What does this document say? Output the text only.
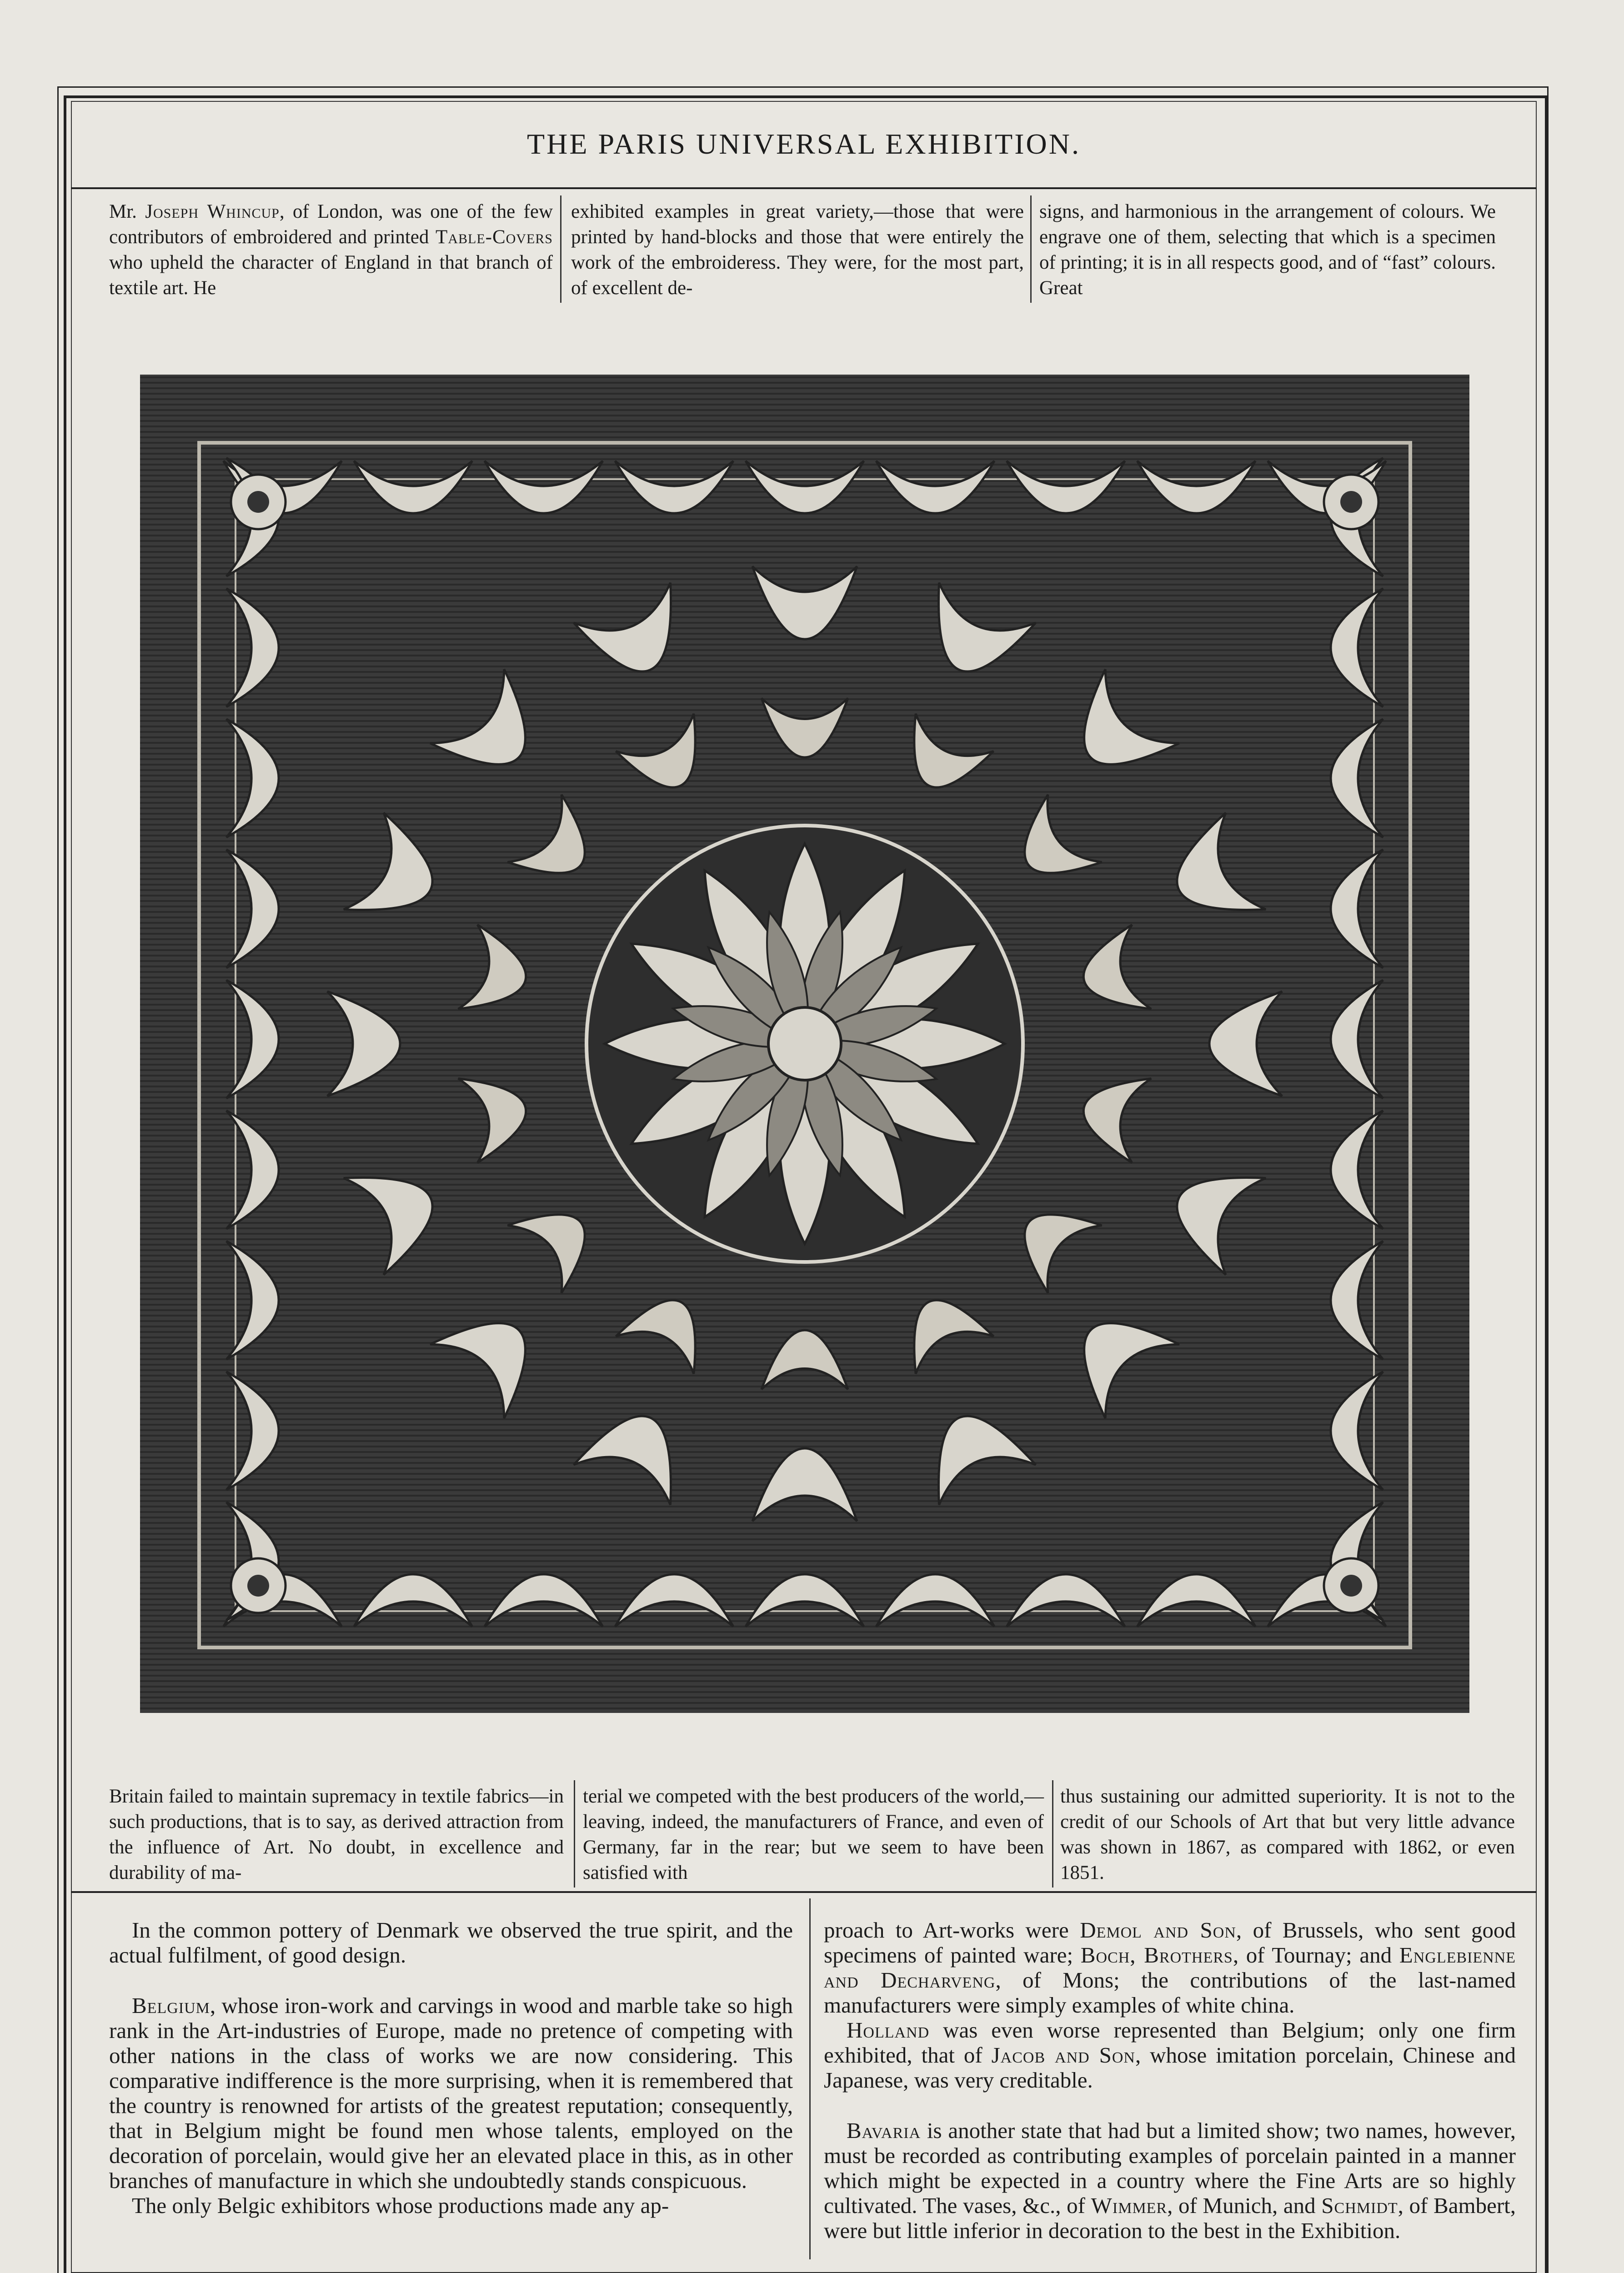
THE PARIS UNIVERSAL EXHIBITION.

Mr. Joseph Whincup, of London, was one of the few contributors of embroidered and printed Table-Covers who upheld the character of England in that branch of textile art. He

exhibited examples in great variety,—those that were printed by hand-blocks and those that were entirely the work of the embroideress. They were, for the most part, of excellent de-

signs, and harmonious in the arrangement of colours. We engrave one of them, selecting that which is a specimen of printing; it is in all respects good, and of “fast” colours. Great

Britain failed to maintain supremacy in textile fabrics—in such productions, that is to say, as derived attraction from the influence of Art. No doubt, in excellence and durability of ma-

terial we competed with the best producers of the world,—leaving, indeed, the manufacturers of France, and even of Germany, far in the rear; but we seem to have been satisfied with

thus sustaining our admitted superiority. It is not to the credit of our Schools of Art that but very little advance was shown in 1867, as compared with 1862, or even 1851.

In the common pottery of Denmark we observed the true spirit, and the actual fulfilment, of good design.

Belgium, whose iron-work and carvings in wood and marble take so high rank in the Art-industries of Europe, made no pretence of competing with other nations in the class of works we are now considering. This comparative indifference is the more surprising, when it is remembered that the country is renowned for artists of the greatest reputation; consequently, that in Belgium might be found men whose talents, employed on the decoration of porcelain, would give her an elevated place in this, as in other branches of manufacture in which she undoubtedly stands conspicuous.

The only Belgic exhibitors whose productions made any ap-

proach to Art-works were Demol and Son, of Brussels, who sent good specimens of painted ware; Boch, Brothers, of Tournay; and Englebienne and Decharveng, of Mons; the contributions of the last-named manufacturers were simply examples of white china.

Holland was even worse represented than Belgium; only one firm exhibited, that of Jacob and Son, whose imitation porcelain, Chinese and Japanese, was very creditable.

Bavaria is another state that had but a limited show; two names, however, must be recorded as contributing examples of porcelain painted in a manner which might be expected in a country where the Fine Arts are so highly cultivated. The vases, &c., of Wimmer, of Munich, and Schmidt, of Bambert, were but little inferior in decoration to the best in the Exhibition.
